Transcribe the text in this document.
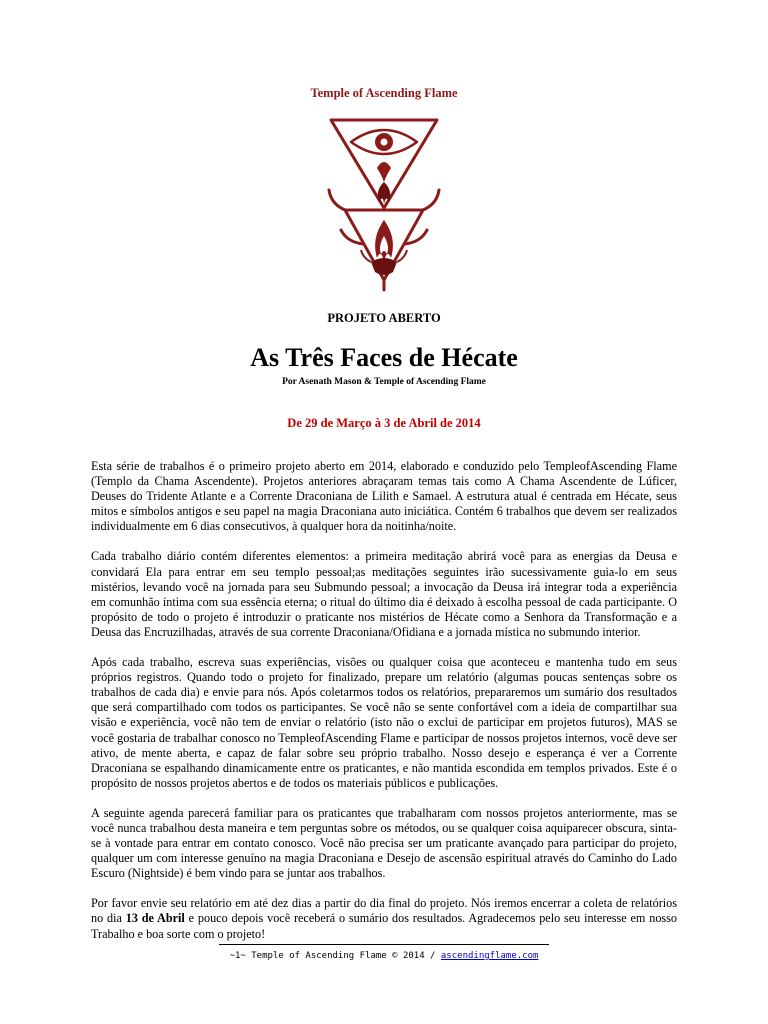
Temple of Ascending Flame
PROJETO ABERTO
As Três Faces de Hécate
Por Asenath Mason & Temple of Ascending Flame
De 29 de Março à 3 de Abril de 2014

Esta série de trabalhos é o primeiro projeto aberto em 2014, elaborado e conduzido pelo TempleofAscending Flame (Templo da Chama Ascendente). Projetos anteriores abraçaram temas tais como A Chama Ascendente de Lúficer, Deuses do Tridente Atlante e a Corrente Draconiana de Lilith e Samael. A estrutura atual é centrada em Hécate, seus mitos e símbolos antigos e seu papel na magia Draconiana auto iniciática. Contém 6 trabalhos que devem ser realizados individualmente em 6 dias consecutivos, à qualquer hora da noitinha/noite.

Cada trabalho diário contém diferentes elementos: a primeira meditação abrirá você para as energias da Deusa e convidará Ela para entrar em seu templo pessoal;as meditações seguintes irão sucessivamente guia-lo em seus mistérios, levando você na jornada para seu Submundo pessoal; a invocação da Deusa irá integrar toda a experiência em comunhão íntima com sua essência eterna; o ritual do último dia é deixado à escolha pessoal de cada participante. O propósito de todo o projeto é introduzir o praticante nos mistérios de Hécate como a Senhora da Transformação e a Deusa das Encruzilhadas, através de sua corrente Draconiana/Ofidiana e a jornada mística no submundo interior.

Após cada trabalho, escreva suas experiências, visões ou qualquer coisa que aconteceu e mantenha tudo em seus próprios registros. Quando todo o projeto for finalizado, prepare um relatório (algumas poucas sentenças sobre os trabalhos de cada dia) e envie para nós. Após coletarmos todos os relatórios, prepararemos um sumário dos resultados que será compartilhado com todos os participantes. Se você não se sente confortável com a ideia de compartilhar sua visão e experiência, você não tem de enviar o relatório (isto não o exclui de participar em projetos futuros), MAS se você gostaria de trabalhar conosco no TempleofAscending Flame e participar de nossos projetos internos, você deve ser ativo, de mente aberta, e capaz de falar sobre seu próprio trabalho. Nosso desejo e esperança é ver a Corrente Draconiana se espalhando dinamicamente entre os praticantes, e não mantida escondida em templos privados. Este é o propósito de nossos projetos abertos e de todos os materiais públicos e publicações.

A seguinte agenda parecerá familiar para os praticantes que trabalharam com nossos projetos anteriormente, mas se você nunca trabalhou desta maneira e tem perguntas sobre os métodos, ou se qualquer coisa aquiparecer obscura, sinta-se à vontade para entrar em contato conosco. Você não precisa ser um praticante avançado para participar do projeto, qualquer um com interesse genuíno na magia Draconiana e Desejo de ascensão espiritual através do Caminho do Lado Escuro (Nightside) é bem vindo para se juntar aos trabalhos.

Por favor envie seu relatório em até dez dias a partir do dia final do projeto. Nós iremos encerrar a coleta de relatórios no dia 13 de Abril e pouco depois você receberá o sumário dos resultados. Agradecemos pelo seu interesse em nosso Trabalho e boa sorte com o projeto!

~1~ Temple of Ascending Flame © 2014 / ascendingflame.com
